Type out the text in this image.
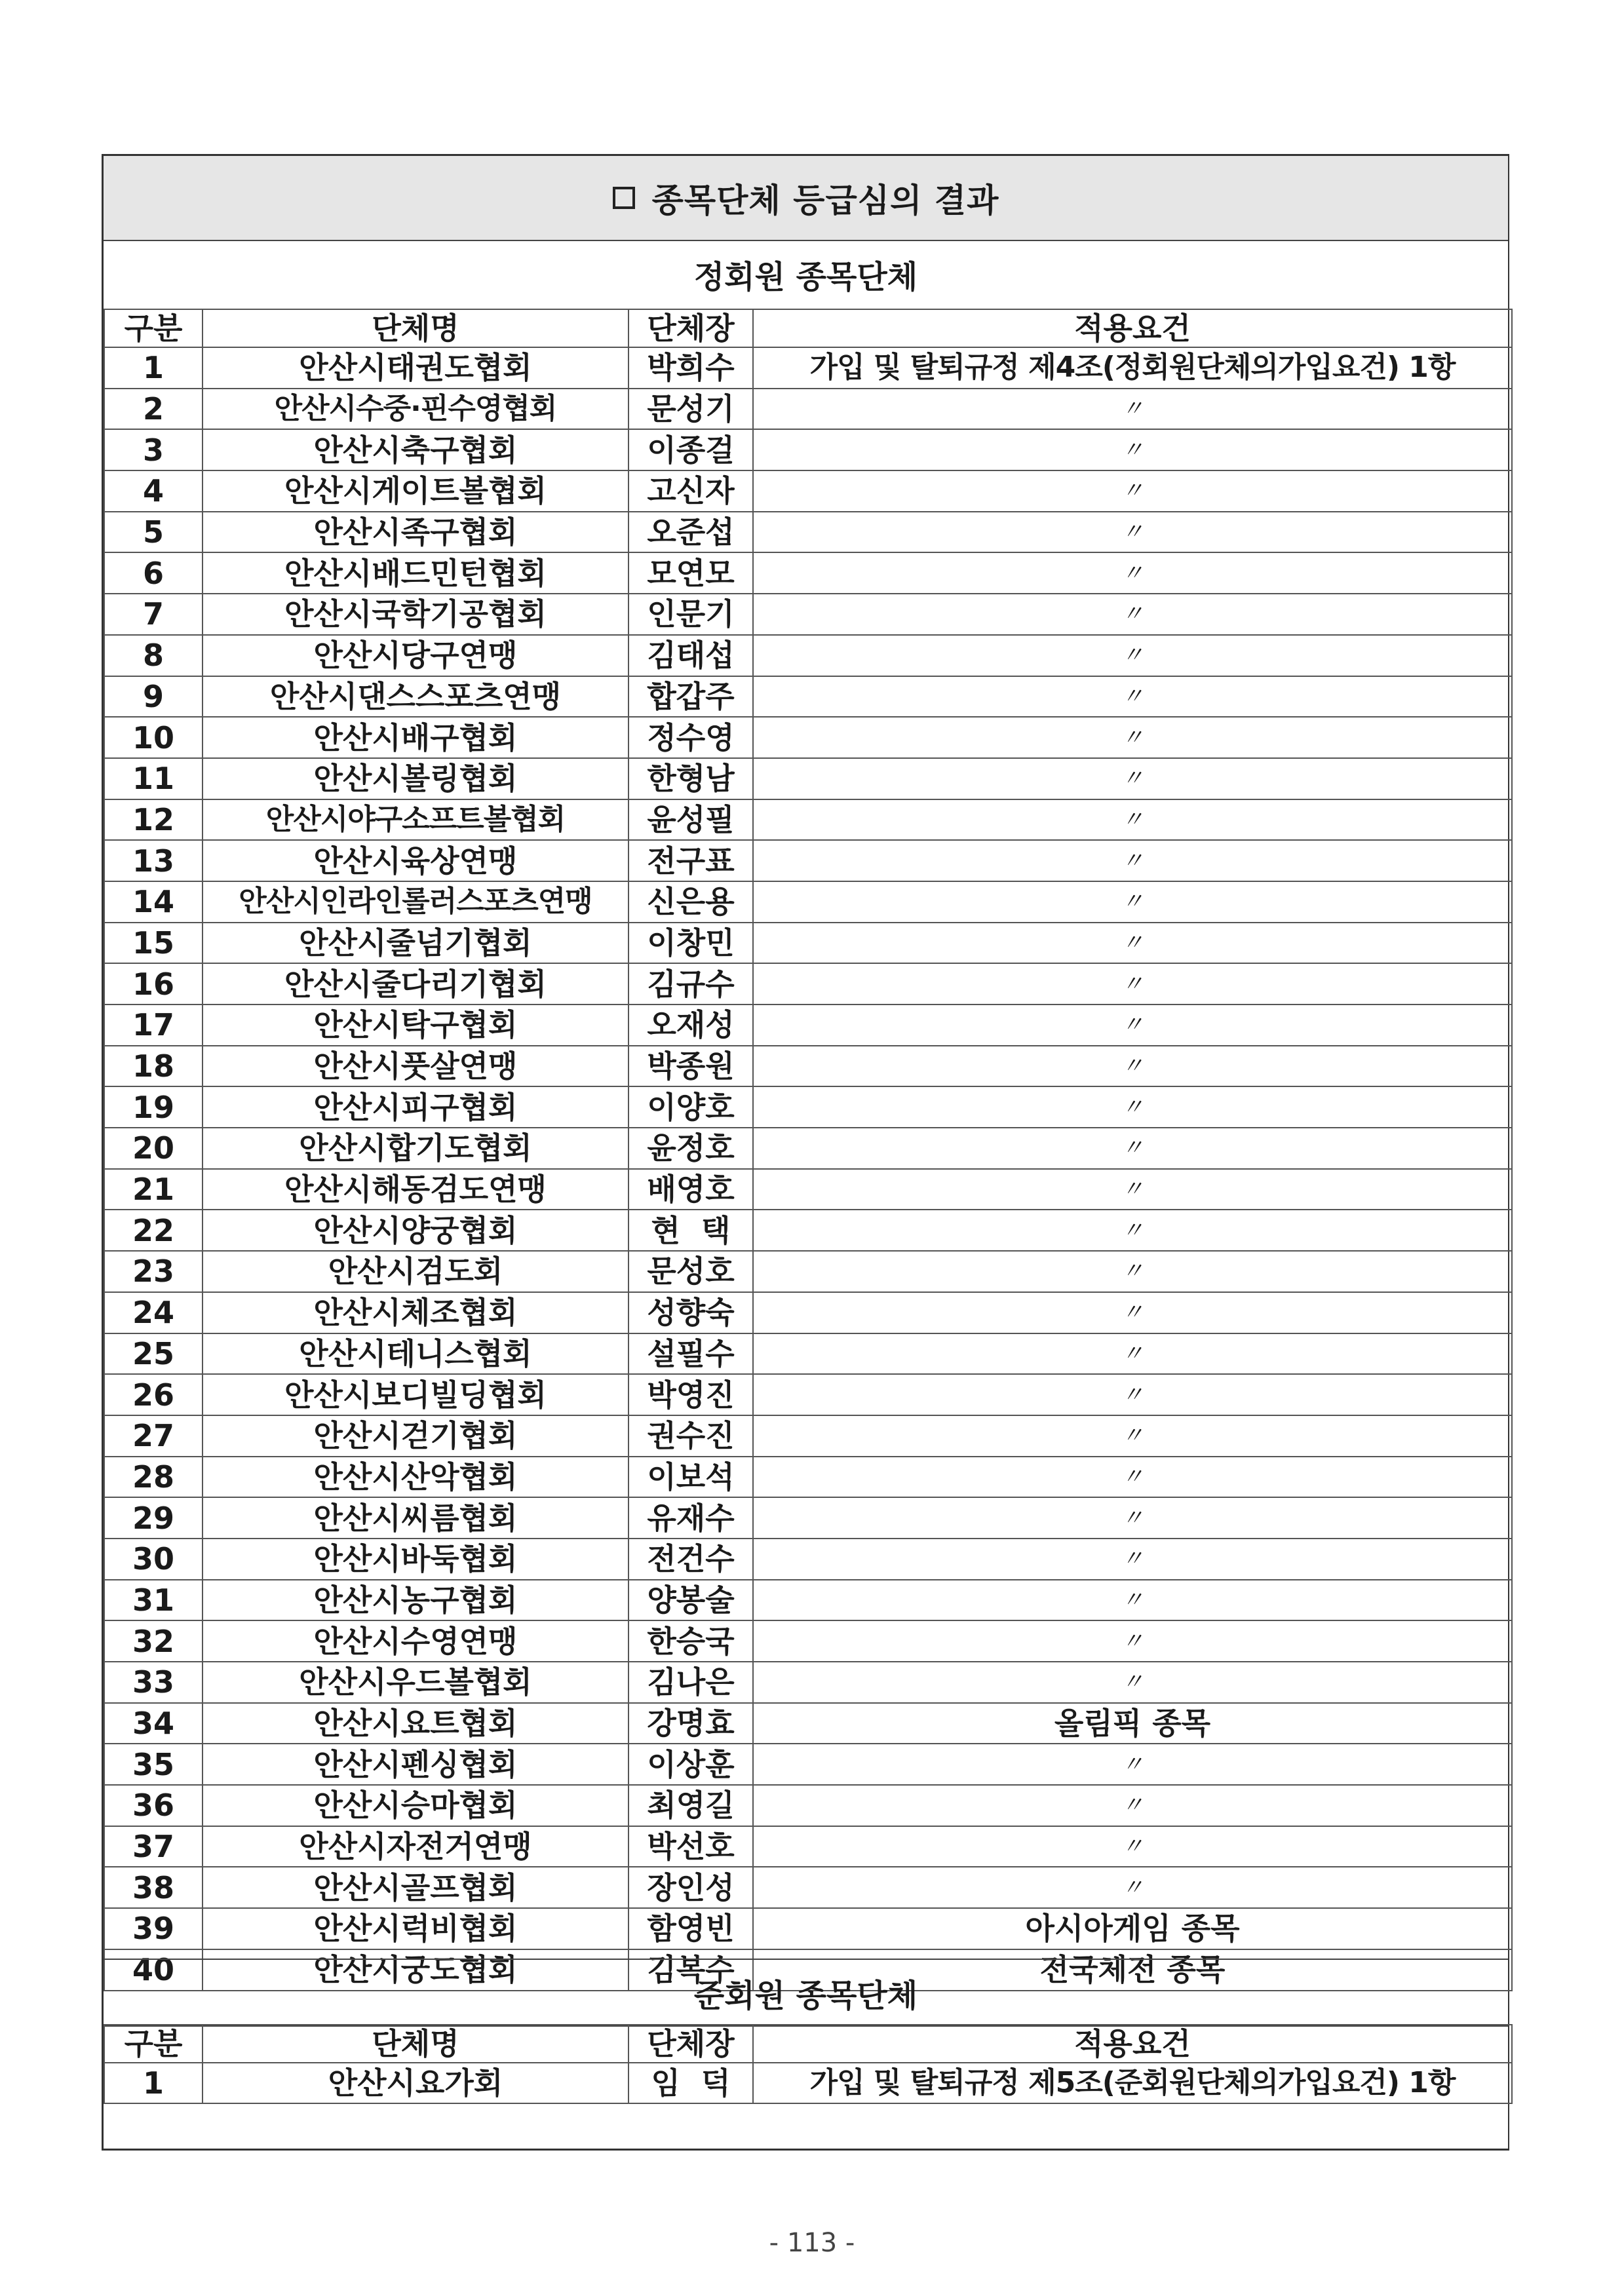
종목단체 등급심의 결과
정회원 종목단체
구분	단체명	단체장	적용요건
1	안산시태권도협회	박희수	가입 및 탈퇴규정 제4조(정회원단체의가입요건) 1항
2	안산시수중·핀수영협회	문성기	〃
3	안산시축구협회	이종걸	〃
4	안산시게이트볼협회	고신자	〃
5	안산시족구협회	오준섭	〃
6	안산시배드민턴협회	모연모	〃
7	안산시국학기공협회	인문기	〃
8	안산시당구연맹	김태섭	〃
9	안산시댄스스포츠연맹	합갑주	〃
10	안산시배구협회	정수영	〃
11	안산시볼링협회	한형남	〃
12	안산시야구소프트볼협회	윤성필	〃
13	안산시육상연맹	전구표	〃
14	안산시인라인롤러스포츠연맹	신은용	〃
15	안산시줄넘기협회	이창민	〃
16	안산시줄다리기협회	김규수	〃
17	안산시탁구협회	오재성	〃
18	안산시풋살연맹	박종원	〃
19	안산시피구협회	이양호	〃
20	안산시합기도협회	윤정호	〃
21	안산시해동검도연맹	배영호	〃
22	안산시양궁협회	현  택	〃
23	안산시검도회	문성호	〃
24	안산시체조협회	성향숙	〃
25	안산시테니스협회	설필수	〃
26	안산시보디빌딩협회	박영진	〃
27	안산시걷기협회	권수진	〃
28	안산시산악협회	이보석	〃
29	안산시씨름협회	유재수	〃
30	안산시바둑협회	전건수	〃
31	안산시농구협회	양봉술	〃
32	안산시수영연맹	한승국	〃
33	안산시우드볼협회	김나은	〃
34	안산시요트협회	강명효	올림픽 종목
35	안산시펜싱협회	이상훈	〃
36	안산시승마협회	최영길	〃
37	안산시자전거연맹	박선호	〃
38	안산시골프협회	장인성	〃
39	안산시럭비협회	함영빈	아시아게임 종목
40	안산시궁도협회	김복수	전국체전 종목
준회원 종목단체
구분	단체명	단체장	적용요건
1	안산시요가회	임  덕	가입 및 탈퇴규정 제5조(준회원단체의가입요건) 1항
- 113 -
